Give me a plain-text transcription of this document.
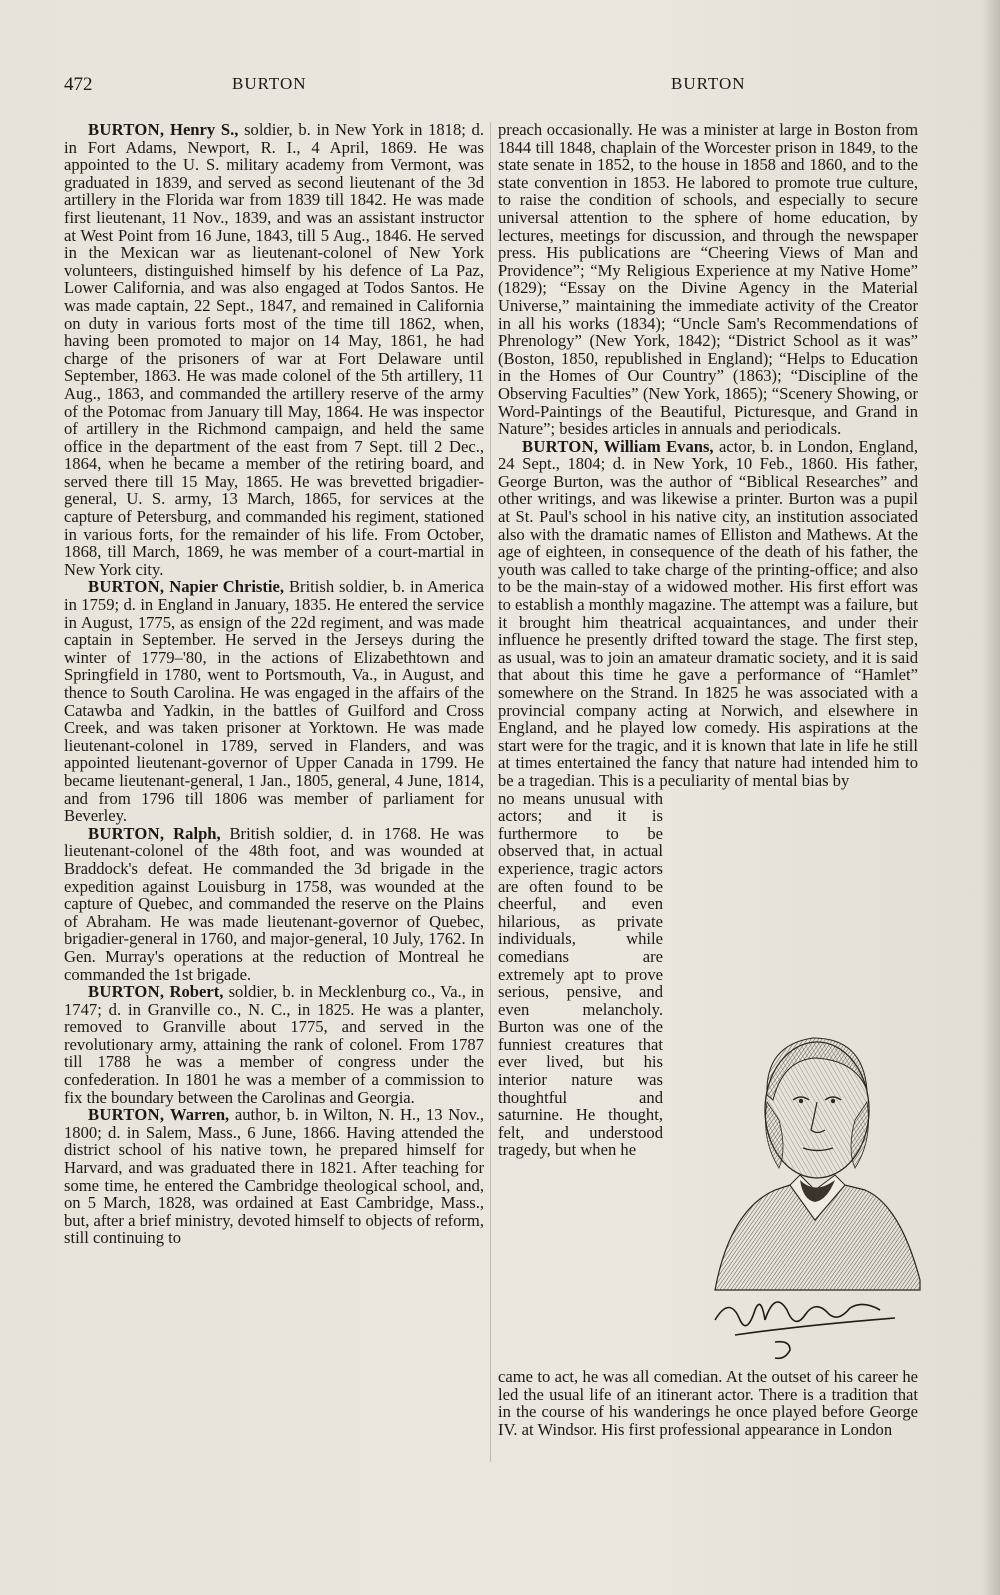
472	BURTON	BURTON

BURTON, Henry S., soldier, b. in New York in 1818; d. in Fort Adams, Newport, R. I., 4 April, 1869. He was appointed to the U. S. military academy from Vermont, was graduated in 1839, and served as second lieutenant of the 3d artillery in the Florida war from 1839 till 1842. He was made first lieutenant, 11 Nov., 1839, and was an assistant instructor at West Point from 16 June, 1843, till 5 Aug., 1846. He served in the Mexican war as lieutenant-colonel of New York volunteers, distinguished himself by his defence of La Paz, Lower California, and was also engaged at Todos Santos. He was made captain, 22 Sept., 1847, and remained in California on duty in various forts most of the time till 1862, when, having been promoted to major on 14 May, 1861, he had charge of the prisoners of war at Fort Delaware until September, 1863. He was made colonel of the 5th artillery, 11 Aug., 1863, and commanded the artillery reserve of the army of the Potomac from January till May, 1864. He was inspector of artillery in the Richmond campaign, and held the same office in the department of the east from 7 Sept. till 2 Dec., 1864, when he became a member of the retiring board, and served there till 15 May, 1865. He was brevetted brigadier-general, U. S. army, 13 March, 1865, for services at the capture of Petersburg, and commanded his regiment, stationed in various forts, for the remainder of his life. From October, 1868, till March, 1869, he was member of a court-martial in New York city.

BURTON, Napier Christie, British soldier, b. in America in 1759; d. in England in January, 1835. He entered the service in August, 1775, as ensign of the 22d regiment, and was made captain in September. He served in the Jerseys during the winter of 1779–'80, in the actions of Elizabethtown and Springfield in 1780, went to Portsmouth, Va., in August, and thence to South Carolina. He was engaged in the affairs of the Catawba and Yadkin, in the battles of Guilford and Cross Creek, and was taken prisoner at Yorktown. He was made lieutenant-colonel in 1789, served in Flanders, and was appointed lieutenant-governor of Upper Canada in 1799. He became lieutenant-general, 1 Jan., 1805, general, 4 June, 1814, and from 1796 till 1806 was member of parliament for Beverley.

BURTON, Ralph, British soldier, d. in 1768. He was lieutenant-colonel of the 48th foot, and was wounded at Braddock's defeat. He commanded the 3d brigade in the expedition against Louisburg in 1758, was wounded at the capture of Quebec, and commanded the reserve on the Plains of Abraham. He was made lieutenant-governor of Quebec, brigadier-general in 1760, and major-general, 10 July, 1762. In Gen. Murray's operations at the reduction of Montreal he commanded the 1st brigade.

BURTON, Robert, soldier, b. in Mecklenburg co., Va., in 1747; d. in Granville co., N. C., in 1825. He was a planter, removed to Granville about 1775, and served in the revolutionary army, attaining the rank of colonel. From 1787 till 1788 he was a member of congress under the confederation. In 1801 he was a member of a commission to fix the boundary between the Carolinas and Georgia.

BURTON, Warren, author, b. in Wilton, N. H., 13 Nov., 1800; d. in Salem, Mass., 6 June, 1866. Having attended the district school of his native town, he prepared himself for Harvard, and was graduated there in 1821. After teaching for some time, he entered the Cambridge theological school, and, on 5 March, 1828, was ordained at East Cambridge, Mass., but, after a brief ministry, devoted himself to objects of reform, still continuing to

preach occasionally. He was a minister at large in Boston from 1844 till 1848, chaplain of the Worcester prison in 1849, to the state senate in 1852, to the house in 1858 and 1860, and to the state convention in 1853. He labored to promote true culture, to raise the condition of schools, and especially to secure universal attention to the sphere of home education, by lectures, meetings for discussion, and through the newspaper press. His publications are “Cheering Views of Man and Providence”; “My Religious Experience at my Native Home” (1829); “Essay on the Divine Agency in the Material Universe,” maintaining the immediate activity of the Creator in all his works (1834); “Uncle Sam's Recommendations of Phrenology” (New York, 1842); “District School as it was” (Boston, 1850, republished in England); “Helps to Education in the Homes of Our Country” (1863); “Discipline of the Observing Faculties” (New York, 1865); “Scenery Showing, or Word-Paintings of the Beautiful, Picturesque, and Grand in Nature”; besides articles in annuals and periodicals.

BURTON, William Evans, actor, b. in London, England, 24 Sept., 1804; d. in New York, 10 Feb., 1860. His father, George Burton, was the author of “Biblical Researches” and other writings, and was likewise a printer. Burton was a pupil at St. Paul's school in his native city, an institution associated also with the dramatic names of Elliston and Mathews. At the age of eighteen, in consequence of the death of his father, the youth was called to take charge of the printing-office; and also to be the main-stay of a widowed mother. His first effort was to establish a monthly magazine. The attempt was a failure, but it brought him theatrical acquaintances, and under their influence he presently drifted toward the stage. The first step, as usual, was to join an amateur dramatic society, and it is said that about this time he gave a performance of “Hamlet” somewhere on the Strand. In 1825 he was associated with a provincial company acting at Norwich, and elsewhere in England, and he played low comedy. His aspirations at the start were for the tragic, and it is known that late in life he still at times entertained the fancy that nature had intended him to be a tragedian. This is a peculiarity of mental bias by

no means unusual with actors; and it is furthermore to be observed that, in actual experience, tragic actors are often found to be cheerful, and even hilarious, as private individuals, while comedians are extremely apt to prove serious, pensive, and even melancholy. Burton was one of the funniest creatures that ever lived, but his interior nature was thoughtful and saturnine. He thought, felt, and understood tragedy, but when he
came to act, he was all comedian. At the outset of his career he led the usual life of an itinerant actor. There is a tradition that in the course of his wanderings he once played before George IV. at Windsor. His first professional appearance in London
